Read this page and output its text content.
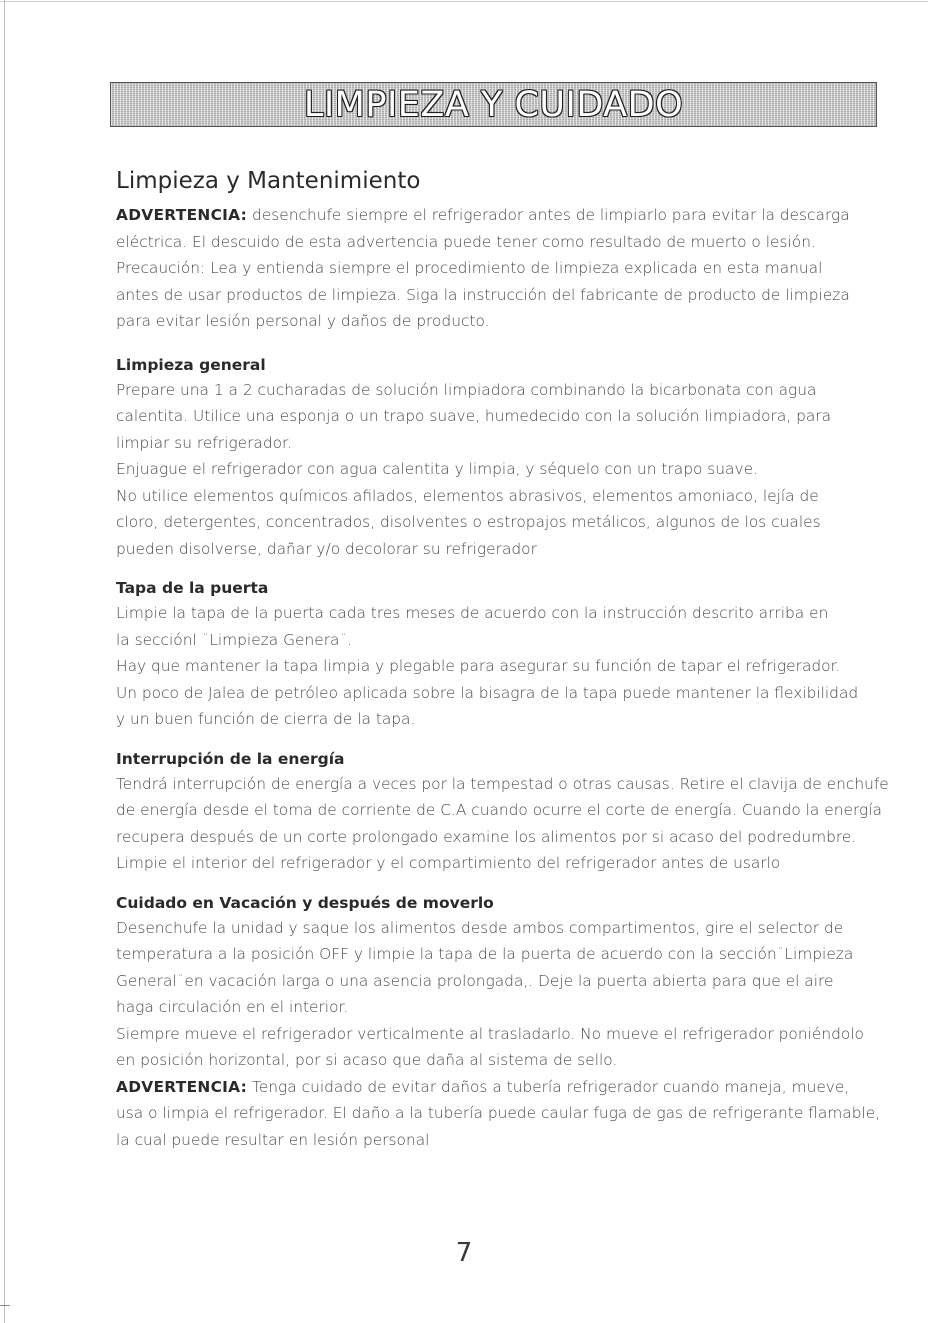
LIMPIEZA Y CUIDADO
Limpieza y Mantenimiento

ADVERTENCIA: desenchufe siempre el refrigerador antes de limpiarlo para evitar la descarga

eléctrica. El descuido de esta advertencia puede tener como resultado de muerto o lesión.

Precaución: Lea y entienda siempre el procedimiento de limpieza explicada en esta manual

antes de usar productos de limpieza. Siga la instrucción del fabricante de producto de limpieza

para evitar lesión personal y daños de producto.

Limpieza general

Prepare una 1 a 2 cucharadas de solución limpiadora combinando la bicarbonata con agua

calentita. Utilice una esponja o un trapo suave, humedecido con la solución limpiadora, para

limpiar su refrigerador.

Enjuague el refrigerador con agua calentita y limpia, y séquelo con un trapo suave.

No utilice elementos químicos afilados, elementos abrasivos, elementos amoniaco, lejía de

cloro, detergentes, concentrados, disolventes o estropajos metálicos, algunos de los cuales

pueden disolverse, dañar y/o decolorar su refrigerador

Tapa de la puerta

Limpie la tapa de la puerta cada tres meses de acuerdo con la instrucción descrito arriba en

la secciónl ¨Limpieza Genera¨.

Hay que mantener la tapa limpia y plegable para asegurar su función de tapar el refrigerador.

Un poco de Jalea de petróleo aplicada sobre la bisagra de la tapa puede mantener la flexibilidad

y un buen función de cierra de la tapa.

Interrupción de la energía

Tendrá interrupción de energía a veces por la tempestad o otras causas. Retire el clavija de enchufe

de energía desde el toma de corriente de C.A cuando ocurre el corte de energía. Cuando la energía

recupera después de un corte prolongado examine los alimentos por si acaso del podredumbre.

Limpie el interior del refrigerador y el compartimiento del refrigerador antes de usarlo

Cuidado en Vacación y después de moverlo

Desenchufe la unidad y saque los alimentos desde ambos compartimentos, gire el selector de

temperatura a la posición OFF y limpie la tapa de la puerta de acuerdo con la sección¨Limpieza

General¨en vacación larga o una asencia prolongada,. Deje la puerta abierta para que el aire

haga circulación en el interior.

Siempre mueve el refrigerador verticalmente al trasladarlo. No mueve el refrigerador poniéndolo

en posición horizontal, por si acaso que daña al sistema de sello.

ADVERTENCIA: Tenga cuidado de evitar daños a tubería refrigerador cuando maneja, mueve,

usa o limpia el refrigerador. El daño a la tubería puede caular fuga de gas de refrigerante flamable,

la cual puede resultar en lesión personal

7
